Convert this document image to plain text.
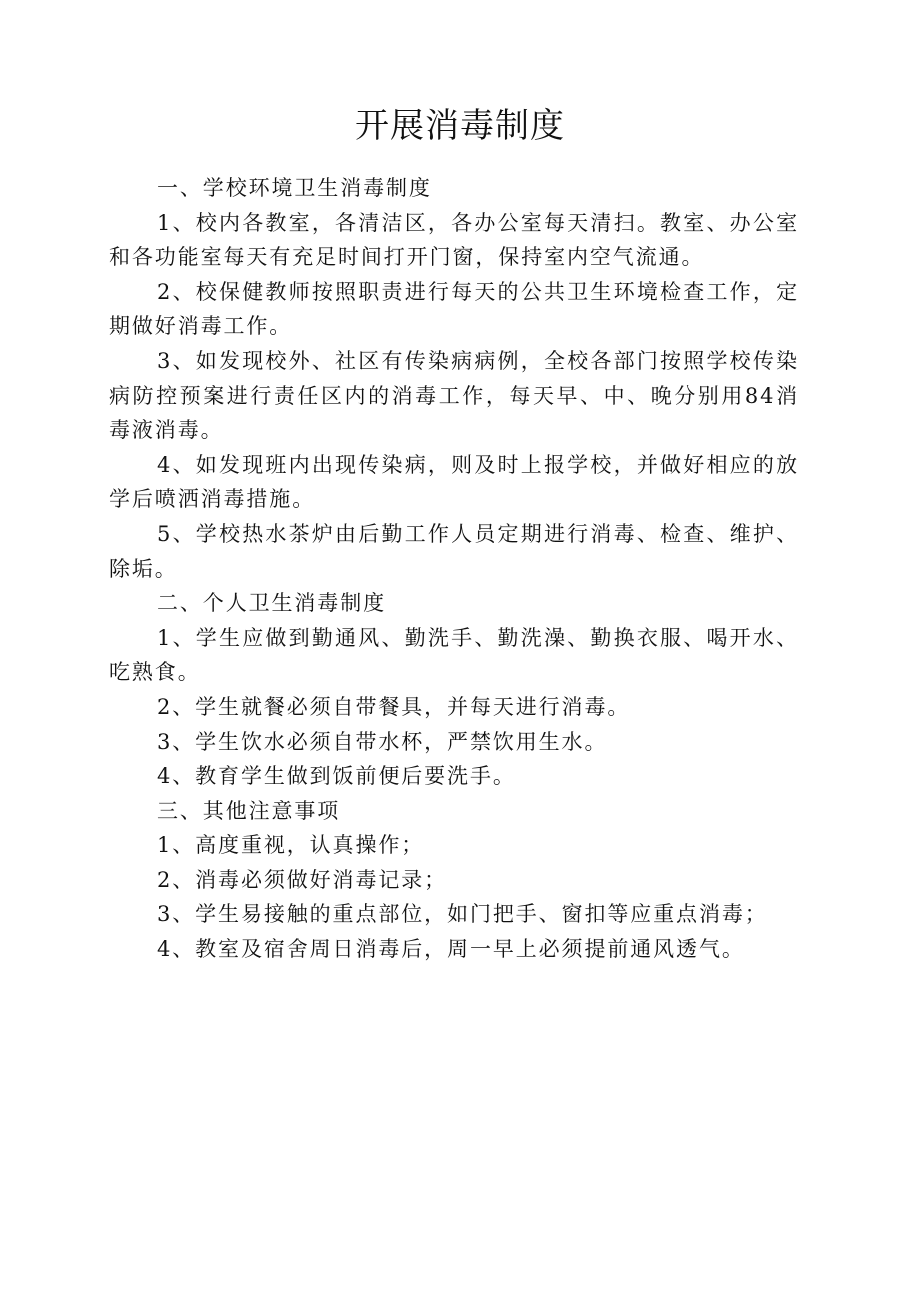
开展消毒制度

一、学校环境卫生消毒制度

1、校内各教室，各清洁区，各办公室每天清扫。教室、办公室和各功能室每天有充足时间打开门窗，保持室内空气流通。

2、校保健教师按照职责进行每天的公共卫生环境检查工作，定期做好消毒工作。

3、如发现校外、社区有传染病病例，全校各部门按照学校传染病防控预案进行责任区内的消毒工作，每天早、中、晚分别用84消毒液消毒。

4、如发现班内出现传染病，则及时上报学校，并做好相应的放学后喷洒消毒措施。

5、学校热水茶炉由后勤工作人员定期进行消毒、检查、维护、除垢。

二、个人卫生消毒制度

1、学生应做到勤通风、勤洗手、勤洗澡、勤换衣服、喝开水、吃熟食。

2、学生就餐必须自带餐具，并每天进行消毒。

3、学生饮水必须自带水杯，严禁饮用生水。

4、教育学生做到饭前便后要洗手。

三、其他注意事项

1、高度重视，认真操作；

2、消毒必须做好消毒记录；

3、学生易接触的重点部位，如门把手、窗扣等应重点消毒；

4、教室及宿舍周日消毒后，周一早上必须提前通风透气。
